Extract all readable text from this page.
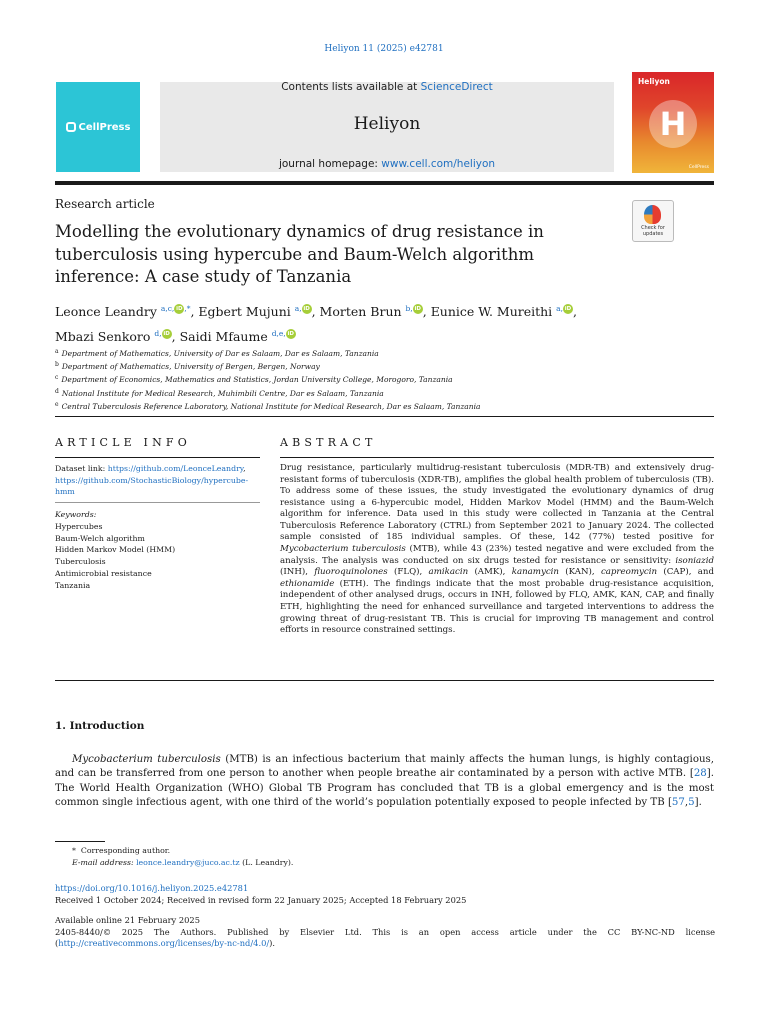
Heliyon 11 (2025) e42781
CellPress
Contents lists available at ScienceDirect
Heliyon
journal homepage: www.cell.com/heliyon
Heliyon
H
CellPress
Research article
Modelling the evolutionary dynamics of drug resistance in tuberculosis using hypercube and Baum-Welch algorithm inference: A case study of Tanzania
Check for
updates
Leonce Leandry $^{a,c,}$ iD ,*, Egbert Mujuni $^{a,}$ iD , Morten Brun $^{b,}$ iD , Eunice W. Mureithi $^{a,}$ iD ,
Mbazi Senkoro $^{d,}$ iD , Saidi Mfaume $^{d,e,}$ iD
$^a$ Department of Mathematics, University of Dar es Salaam, Dar es Salaam, Tanzania
$^b$ Department of Mathematics, University of Bergen, Bergen, Norway
$^c$ Department of Economics, Mathematics and Statistics, Jordan University College, Morogoro, Tanzania
$^d$ National Institute for Medical Research, Muhimbili Centre, Dar es Salaam, Tanzania
$^e$ Central Tuberculosis Reference Laboratory, National Institute for Medical Research, Dar es Salaam, Tanzania
ARTICLE INFO	ABSTRACT
Dataset link: https://github.com/LeonceLeandry, https://github.com/StochasticBiology/hypercube-hmm
Keywords:
Hypercubes
Baum-Welch algorithm
Hidden Markov Model (HMM)
Tuberculosis
Antimicrobial resistance
Tanzania
Drug resistance, particularly multidrug-resistant tuberculosis (MDR-TB) and extensively drug-resistant forms of tuberculosis (XDR-TB), amplifies the global health problem of tuberculosis (TB). To address some of these issues, the study investigated the evolutionary dynamics of drug resistance using a 6-hypercubic model, Hidden Markov Model (HMM) and the Baum-Welch algorithm for inference. Data used in this study were collected in Tanzania at the Central Tuberculosis Reference Laboratory (CTRL) from September 2021 to January 2024. The collected sample consisted of 185 individual samples. Of these, 142 (77%) tested positive for Mycobacterium tuberculosis (MTB), while 43 (23%) tested negative and were excluded from the analysis. The analysis was conducted on six drugs tested for resistance or sensitivity: isoniazid (INH), fluoroquinolones (FLQ), amikacin (AMK), kanamycin (KAN), capreomycin (CAP), and ethionamide (ETH). The findings indicate that the most probable drug-resistance acquisition, independent of other analysed drugs, occurs in INH, followed by FLQ, AMK, KAN, CAP, and finally ETH, highlighting the need for enhanced surveillance and targeted interventions to address the growing threat of drug-resistant TB. This is crucial for improving TB management and control efforts in resource constrained settings.
1. Introduction
Mycobacterium tuberculosis (MTB) is an infectious bacterium that mainly affects the human lungs, is highly contagious, and can be transferred from one person to another when people breathe air contaminated by a person with active MTB. [28]. The World Health Organization (WHO) Global TB Program has concluded that TB is a global emergency and is the most common single infectious agent, with one third of the world’s population potentially exposed to people infected by TB [57,5].
* Corresponding author.
E-mail address: leonce.leandry@juco.ac.tz (L. Leandry).
https://doi.org/10.1016/j.heliyon.2025.e42781
Received 1 October 2024; Received in revised form 22 January 2025; Accepted 18 February 2025
Available online 21 February 2025
2405-8440/© 2025 The Authors. Published by Elsevier Ltd. This is an open access article under the CC BY-NC-ND license
(http://creativecommons.org/licenses/by-nc-nd/4.0/).
